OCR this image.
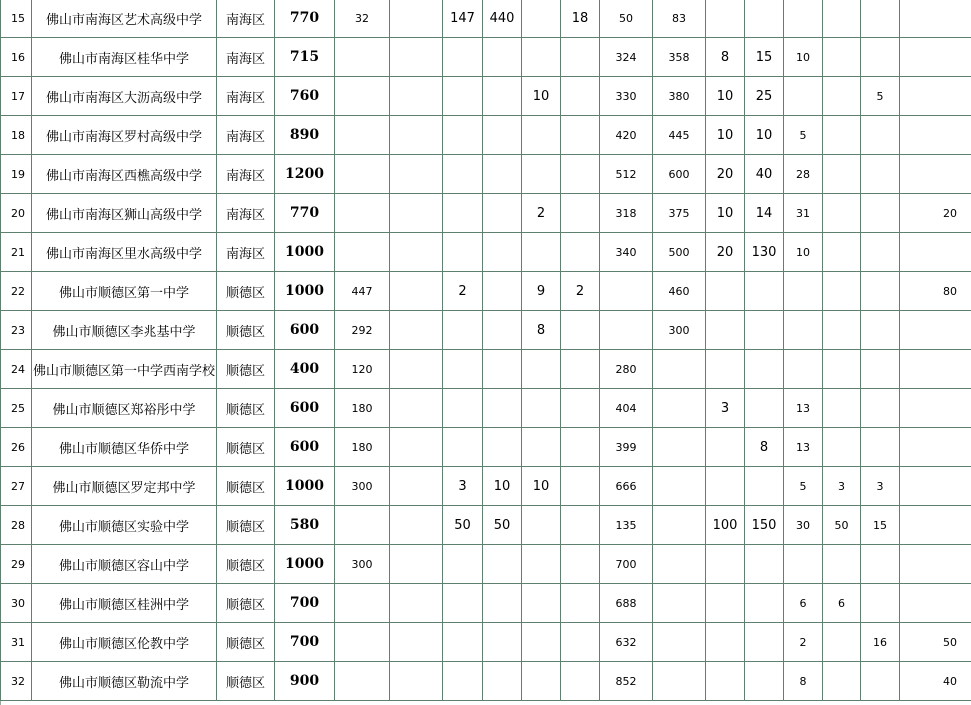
15	佛山市南海区艺术高级中学	南海区	770	32		147	440		18	50	83						
16	佛山市南海区桂华中学	南海区	715							324	358	8	15	10			
17	佛山市南海区大沥高级中学	南海区	760					10		330	380	10	25			5	
18	佛山市南海区罗村高级中学	南海区	890							420	445	10	10	5			
19	佛山市南海区西樵高级中学	南海区	1200							512	600	20	40	28			
20	佛山市南海区狮山高级中学	南海区	770					2		318	375	10	14	31			20
21	佛山市南海区里水高级中学	南海区	1000							340	500	20	130	10			
22	佛山市顺德区第一中学	顺德区	1000	447		2		9	2		460						80
23	佛山市顺德区李兆基中学	顺德区	600	292				8			300						
24	佛山市顺德区第一中学西南学校	顺德区	400	120						280							
25	佛山市顺德区郑裕彤中学	顺德区	600	180						404		3		13			
26	佛山市顺德区华侨中学	顺德区	600	180						399			8	13			
27	佛山市顺德区罗定邦中学	顺德区	1000	300		3	10	10		666				5	3	3	
28	佛山市顺德区实验中学	顺德区	580			50	50			135		100	150	30	50	15	
29	佛山市顺德区容山中学	顺德区	1000	300						700							
30	佛山市顺德区桂洲中学	顺德区	700							688				6	6		
31	佛山市顺德区伦教中学	顺德区	700							632				2		16	50
32	佛山市顺德区勒流中学	顺德区	900							852				8			40
